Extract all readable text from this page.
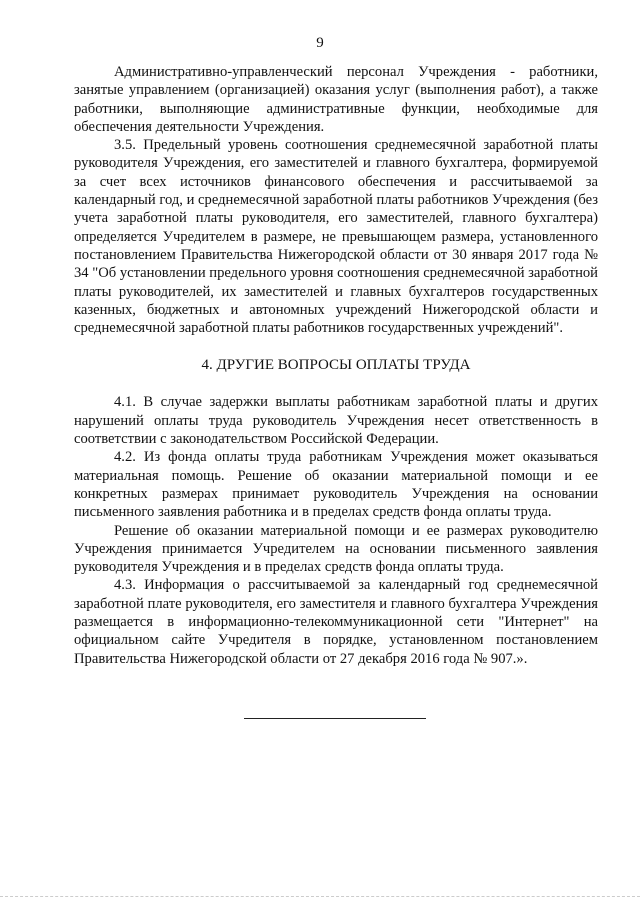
9

Административно-управленческий персонал Учреждения - работники, занятые управлением (организацией) оказания услуг (выполнения работ), а также работники, выполняющие административные функции, необходимые для обеспечения деятельности Учреждения.

3.5. Предельный уровень соотношения среднемесячной заработной платы руководителя Учреждения, его заместителей и главного бухгалтера, формируемой за счет всех источников финансового обеспечения и рассчитываемой за календарный год, и среднемесячной заработной платы работников Учреждения (без учета заработной платы руководителя, его заместителей, главного бухгалтера) определяется Учредителем в размере, не превышающем размера, установленного постановлением Правительства Нижегородской области от 30 января 2017 года № 34 "Об установлении предельного уровня соотношения среднемесячной заработной платы руководителей, их заместителей и главных бухгалтеров государственных казенных, бюджетных и автономных учреждений Нижегородской области и среднемесячной заработной платы работников государственных учреждений".

4. ДРУГИЕ ВОПРОСЫ ОПЛАТЫ ТРУДА

4.1. В случае задержки выплаты работникам заработной платы и других нарушений оплаты труда руководитель Учреждения несет ответственность в соответствии с законодательством Российской Федерации.

4.2. Из фонда оплаты труда работникам Учреждения может оказываться материальная помощь. Решение об оказании материальной помощи и ее конкретных размерах принимает руководитель Учреждения на основании письменного заявления работника и в пределах средств фонда оплаты труда.

Решение об оказании материальной помощи и ее размерах руководителю Учреждения принимается Учредителем на основании письменного заявления руководителя Учреждения и в пределах средств фонда оплаты труда.

4.3. Информация о рассчитываемой за календарный год среднемесячной заработной плате руководителя, его заместителя и главного бухгалтера Учреждения размещается в информационно-телекоммуникационной сети "Интернет" на официальном сайте Учредителя в порядке, установленном постановлением Правительства Нижегородской области от 27 декабря 2016 года № 907.».
